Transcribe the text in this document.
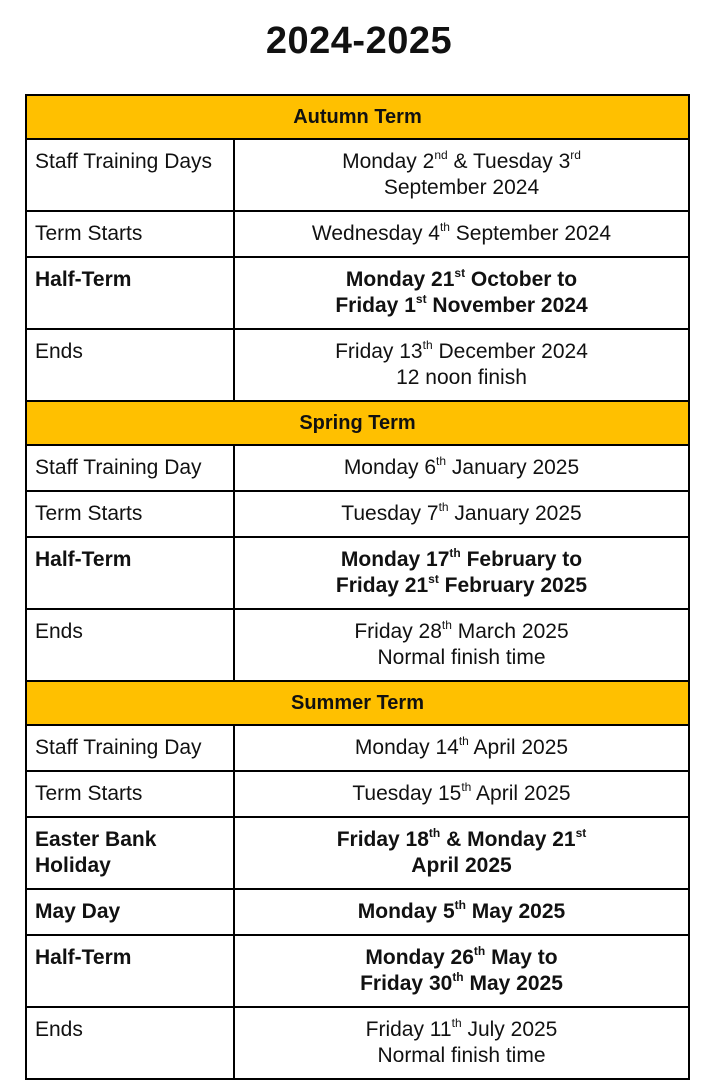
2024-2025
Autumn Term	
Staff Training Days	Monday 2nd & Tuesday 3rd
September 2024

Term Starts	Wednesday 4th September 2024

Half-Term	Monday 21st October to
Friday 1st November 2024

Ends	Friday 13th December 2024
12 noon finish

Spring Term	
Staff Training Day	Monday 6th January 2025

Term Starts	Tuesday 7th January 2025

Half-Term	Monday 17th February to
Friday 21st February 2025

Ends	Friday 28th March 2025
Normal finish time

Summer Term	
Staff Training Day	Monday 14th April 2025

Term Starts	Tuesday 15th April 2025

Easter Bank Holiday	Friday 18th & Monday 21st
April 2025

May Day	Monday 5th May 2025

Half-Term	Monday 26th May to
Friday 30th May 2025

Ends	Friday 11th July 2025
Normal finish time
